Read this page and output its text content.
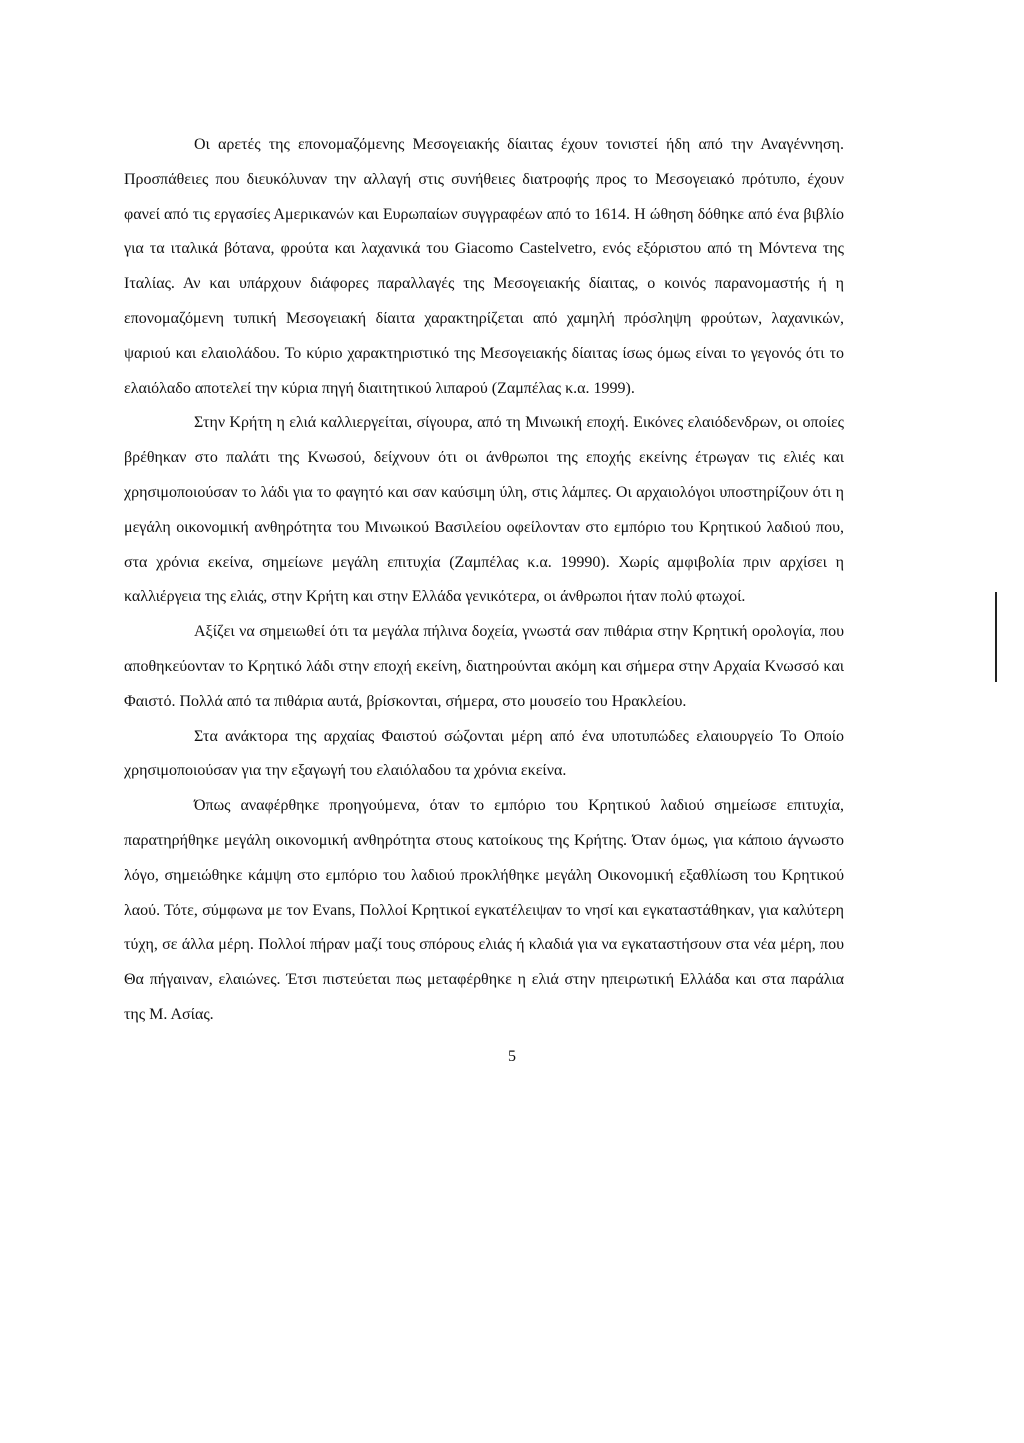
Οι αρετές της επονομαζόμενης Μεσογειακής δίαιτας έχουν τονιστεί ήδη από την Αναγέννηση. Προσπάθειες που διευκόλυναν την αλλαγή στις συνήθειες διατροφής προς το Μεσογειακό πρότυπο, έχουν φανεί από τις εργασίες Αμερικανών και Ευρωπαίων συγγραφέων από το 1614. Η ώθηση δόθηκε από ένα βιβλίο για τα ιταλικά βότανα, φρούτα και λαχανικά του Giacomo Castelvetro, ενός εξόριστου από τη Μόντενα της Ιταλίας. Αν και υπάρχουν διάφορες παραλλαγές της Μεσογειακής δίαιτας, ο κοινός παρανομαστής ή η επονομαζόμενη τυπική Μεσογειακή δίαιτα χαρακτηρίζεται από χαμηλή πρόσληψη φρούτων, λαχανικών, ψαριού και ελαιολάδου. Το κύριο χαρακτηριστικό της Μεσογειακής δίαιτας ίσως όμως είναι το γεγονός ότι το ελαιόλαδο αποτελεί την κύρια πηγή διαιτητικού λιπαρού (Ζαμπέλας κ.α. 1999).

Στην Κρήτη η ελιά καλλιεργείται, σίγουρα, από τη Μινωική εποχή. Εικόνες ελαιόδενδρων, οι οποίες βρέθηκαν στο παλάτι της Κνωσού, δείχνουν ότι οι άνθρωποι της εποχής εκείνης έτρωγαν τις ελιές και χρησιμοποιούσαν το λάδι για το φαγητό και σαν καύσιμη ύλη, στις λάμπες. Οι αρχαιολόγοι υποστηρίζουν ότι η μεγάλη οικονομική ανθηρότητα του Μινωικού Βασιλείου οφείλονταν στο εμπόριο του Κρητικού λαδιού που, στα χρόνια εκείνα, σημείωνε μεγάλη επιτυχία (Ζαμπέλας κ.α. 19990). Χωρίς αμφιβολία πριν αρχίσει η καλλιέργεια της ελιάς, στην Κρήτη και στην Ελλάδα γενικότερα, οι άνθρωποι ήταν πολύ φτωχοί.

Αξίζει να σημειωθεί ότι τα μεγάλα πήλινα δοχεία, γνωστά σαν πιθάρια στην Κρητική ορολογία, που αποθηκεύονταν το Κρητικό λάδι στην εποχή εκείνη, διατηρούνται ακόμη και σήμερα στην Αρχαία Κνωσσό και Φαιστό. Πολλά από τα πιθάρια αυτά, βρίσκονται, σήμερα, στο μουσείο του Ηρακλείου.

Στα ανάκτορα της αρχαίας Φαιστού σώζονται μέρη από ένα υποτυπώδες ελαιουργείο Το Οποίο χρησιμοποιούσαν για την εξαγωγή του ελαιόλαδου τα χρόνια εκείνα.

Όπως αναφέρθηκε προηγούμενα, όταν το εμπόριο του Κρητικού λαδιού σημείωσε επιτυχία, παρατηρήθηκε μεγάλη οικονομική ανθηρότητα στους κατοίκους της Κρήτης. Όταν όμως, για κάποιο άγνωστο λόγο, σημειώθηκε κάμψη στο εμπόριο του λαδιού προκλήθηκε μεγάλη Οικονομική εξαθλίωση του Κρητικού λαού. Τότε, σύμφωνα με τον Evans, Πολλοί Κρητικοί εγκατέλειψαν το νησί και εγκαταστάθηκαν, για καλύτερη τύχη, σε άλλα μέρη. Πολλοί πήραν μαζί τους σπόρους ελιάς ή κλαδιά για να εγκαταστήσουν στα νέα μέρη, που Θα πήγαιναν, ελαιώνες. Έτσι πιστεύεται πως μεταφέρθηκε η ελιά στην ηπειρωτική Ελλάδα και στα παράλια της Μ. Ασίας.

5
